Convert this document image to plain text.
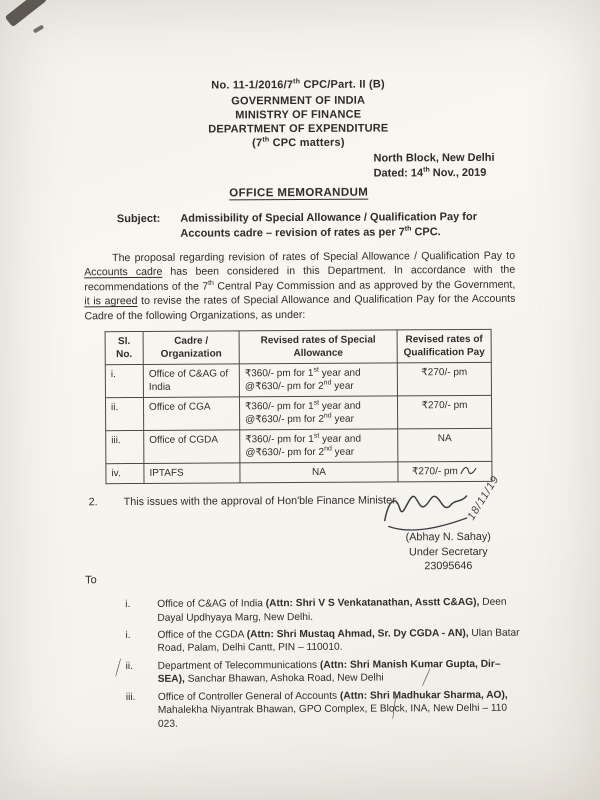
No. 11-1/2016/7th CPC/Part. II (B)
GOVERNMENT OF INDIA
MINISTRY OF FINANCE
DEPARTMENT OF EXPENDITURE
(7th CPC matters)
North Block, New Delhi
Dated: 14th Nov., 2019
OFFICE MEMORANDUM
Subject: Admissibility of Special Allowance / Qualification Pay for Accounts cadre – revision of rates as per 7th CPC.

The proposal regarding revision of rates of Special Allowance / Qualification Pay to Accounts cadre has been considered in this Department. In accordance with the recommendations of the 7th Central Pay Commission and as approved by the Government, it is agreed to revise the rates of Special Allowance and Qualification Pay for the Accounts Cadre of the following Organizations, as under:

Sl. No.	Cadre / Organization	Revised rates of Special Allowance	Revised rates of Qualification Pay
i.	Office of C&AG of India	₹360/- pm for 1st year and @₹630/- pm for 2nd year	₹270/- pm
ii.	Office of CGA	₹360/- pm for 1st year and @₹630/- pm for 2nd year	₹270/- pm
iii.	Office of CGDA	₹360/- pm for 1st year and @₹630/- pm for 2nd year	NA
iv.	IPTAFS	NA	₹270/- pm
2. This issues with the approval of Hon'ble Finance Minister.	18/11/19
(Abhay N. Sahay)
Under Secretary
23095646
To
i.	Office of C&AG of India (Attn: Shri V S Venkatanathan, Asstt C&AG), Deen Dayal Updhyaya Marg, New Delhi.
i.	Office of the CGDA (Attn: Shri Mustaq Ahmad, Sr. Dy CGDA - AN), Ulan Batar Road, Palam, Delhi Cantt, PIN – 110010.
ii.	Department of Telecommunications (Attn: Shri Manish Kumar Gupta, Dir– SEA), Sanchar Bhawan, Ashoka Road, New Delhi
iii.	Office of Controller General of Accounts (Attn: Shri Madhukar Sharma, AO), Mahalekha Niyantrak Bhawan, GPO Complex, E Block, INA, New Delhi – 110 023.
